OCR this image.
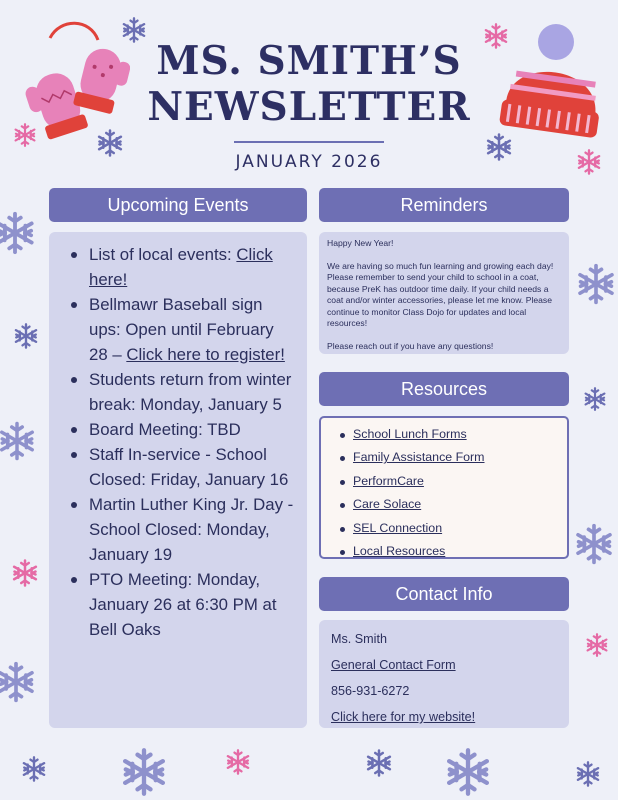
MS. SMITH’S
NEWSLETTER
JANUARY 2026
Upcoming Events
List of local events: Click here!
Bellmawr Baseball sign ups: Open until February 28 – Click here to register!
Students return from winter break: Monday, January 5
Board Meeting: TBD
Staff In-service - School Closed: Friday, January 16
Martin Luther King Jr. Day - School Closed: Monday, January 19
PTO Meeting: Monday, January 26 at 6:30 PM at Bell Oaks
Reminders

Happy New Year!

We are having so much fun learning and growing each day! Please remember to send your child to school in a coat, because PreK has outdoor time daily. If your child needs a coat and/or winter accessories, please let me know. Please continue to monitor Class Dojo for updates and local resources!

Please reach out if you have any questions!

Resources
School Lunch Forms
Family Assistance Form
PerformCare
Care Solace
SEL Connection
Local Resources
Contact Info
Ms. Smith
General Contact Form
856-931-6272
Click here for my website!
